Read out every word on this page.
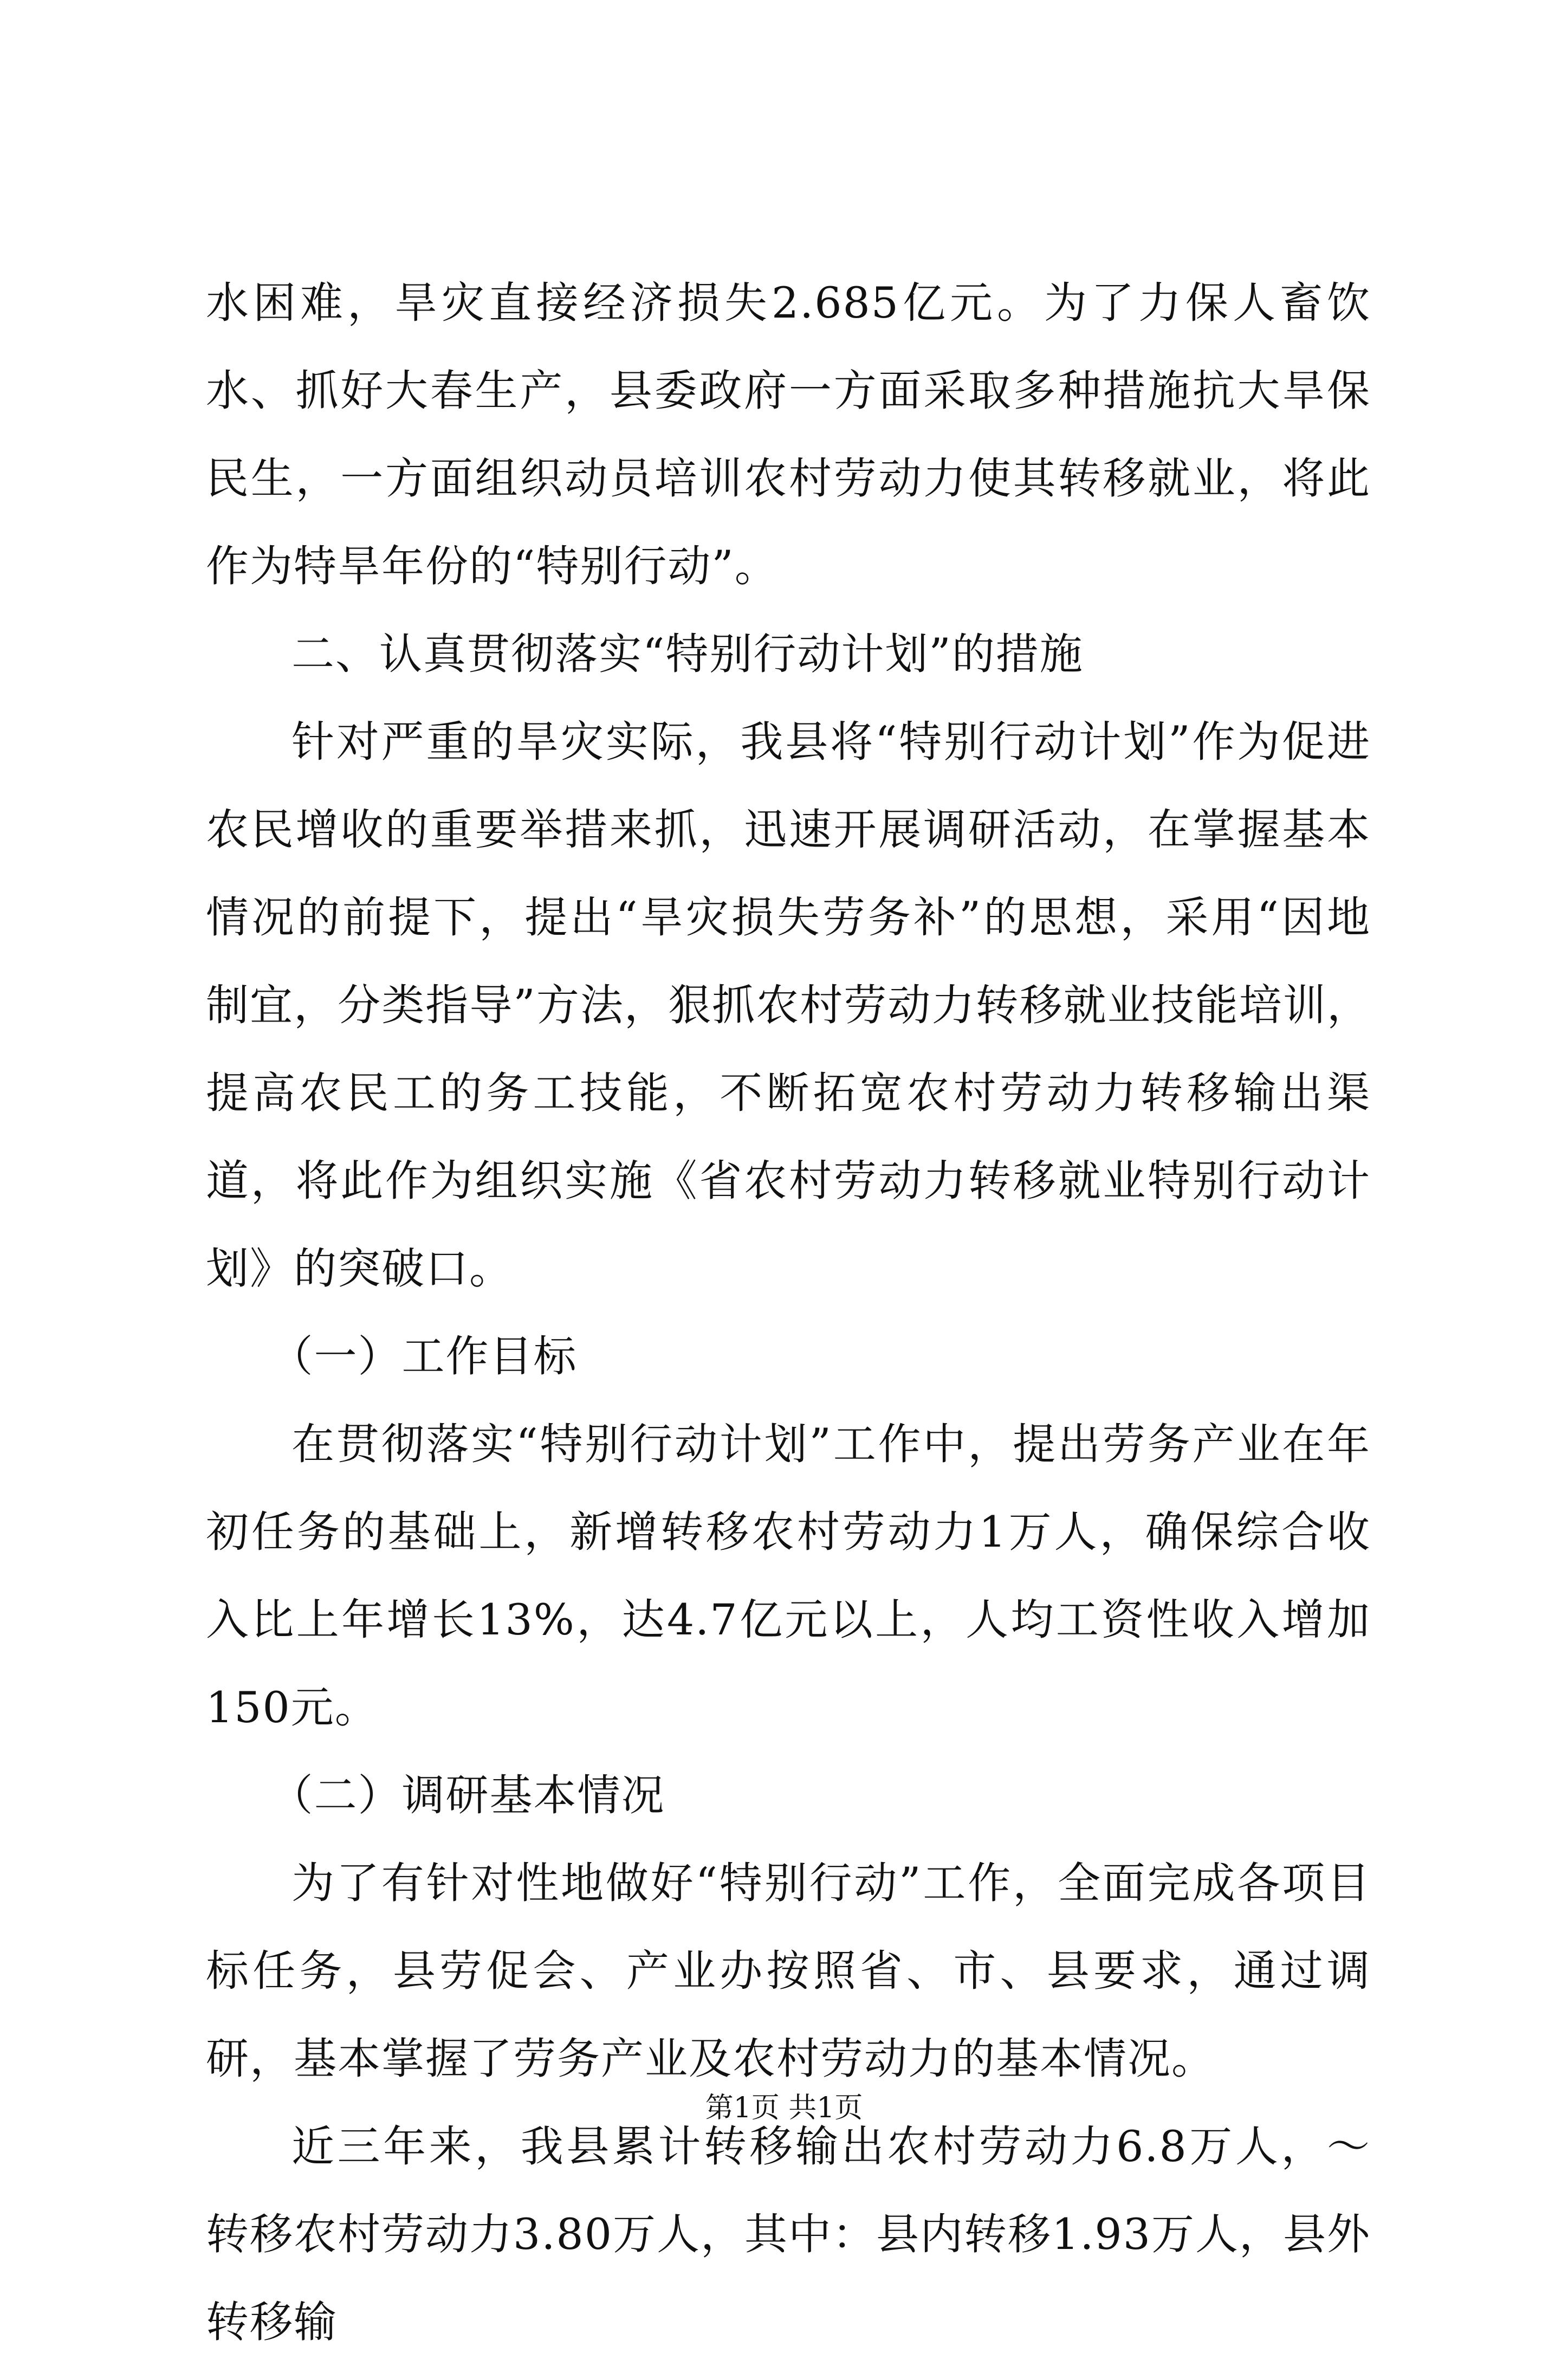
水困难，旱灾直接经济损失2.685亿元。为了力保人畜饮水、抓好大春生产，县委政府一方面采取多种措施抗大旱保民生，一方面组织动员培训农村劳动力使其转移就业，将此作为特旱年份的“特别行动”。

二、认真贯彻落实“特别行动计划”的措施

针对严重的旱灾实际，我县将“特别行动计划”作为促进农民增收的重要举措来抓，迅速开展调研活动，在掌握基本情况的前提下，提出“旱灾损失劳务补”的思想，采用“因地制宜，分类指导”方法，狠抓农村劳动力转移就业技能培训，提高农民工的务工技能，不断拓宽农村劳动力转移输出渠道，将此作为组织实施《省农村劳动力转移就业特别行动计划》的突破口。

（一）工作目标

在贯彻落实“特别行动计划”工作中，提出劳务产业在年初任务的基础上，新增转移农村劳动力1万人，确保综合收入比上年增长13%，达4.7亿元以上，人均工资性收入增加150元。

（二）调研基本情况

为了有针对性地做好“特别行动”工作，全面完成各项目标任务，县劳促会、产业办按照省、市、县要求，通过调研，基本掌握了劳务产业及农村劳动力的基本情况。

近三年来，我县累计转移输出农村劳动力6.8万人，～转移农村劳动力3.80万人，其中：县内转移1.93万人，县外转移输

第1页 共1页
